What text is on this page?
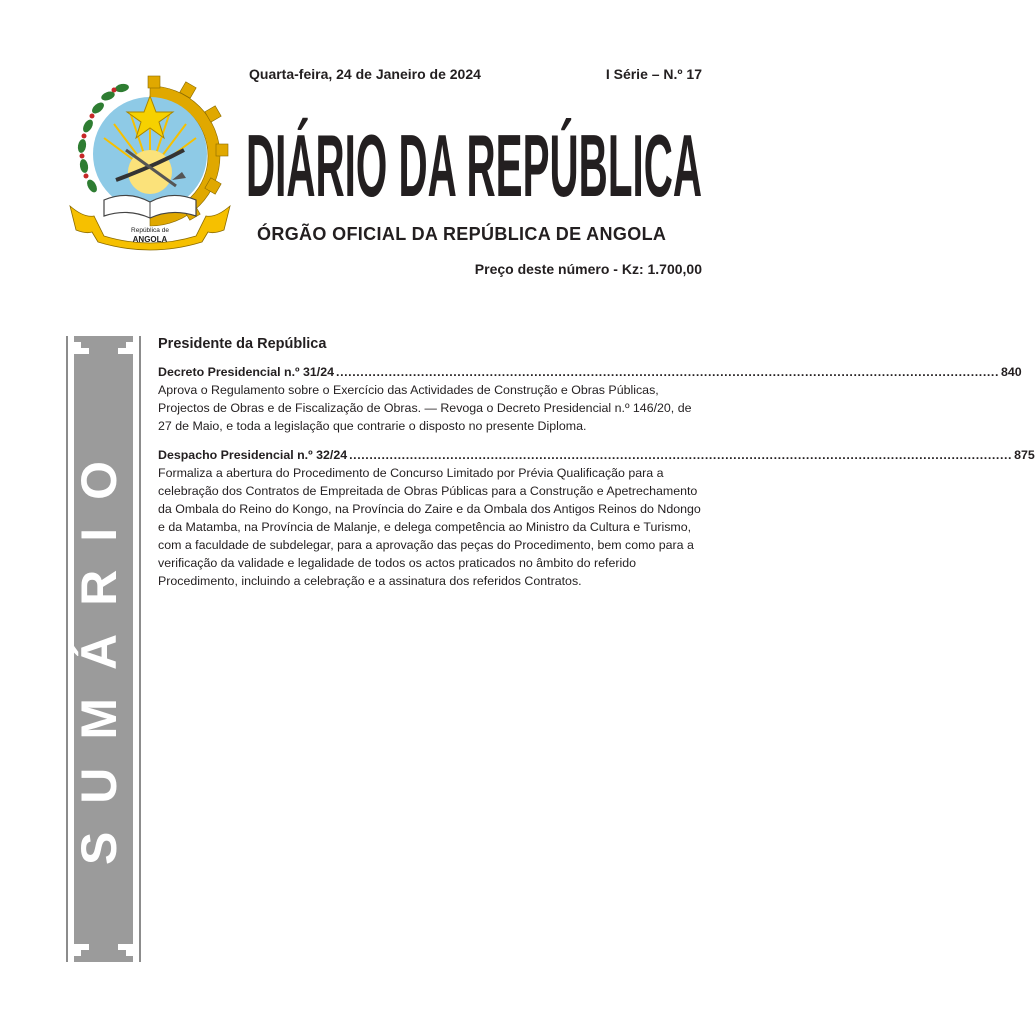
República de
ANGOLA
Quarta-feira, 24 de Janeiro de 2024	I Série – N.º 17
DIÁRIO DA REPÚBLICA
ÓRGÃO OFICIAL DA REPÚBLICA DE ANGOLA
Preço deste número - Kz: 1.700,00
SUMÁRIO
Presidente da República
Decreto Presidencial n.º 31/24 .................................................................................................................................................................... 840

Aprova o Regulamento sobre o Exercício das Actividades de Construção e Obras Públicas, Projectos de Obras e de Fiscalização de Obras. — Revoga o Decreto Presidencial n.º 146/20, de 27 de Maio, e toda a legislação que contrarie o disposto no presente Diploma.

Despacho Presidencial n.º 32/24 .................................................................................................................................................................... 875

Formaliza a abertura do Procedimento de Concurso Limitado por Prévia Qualificação para a celebração dos Contratos de Empreitada de Obras Públicas para a Construção e Apetrechamento da Ombala do Reino do Kongo, na Província do Zaire e da Ombala dos Antigos Reinos do Ndongo e da Matamba, na Província de Malanje, e delega competência ao Ministro da Cultura e Turismo, com a faculdade de subdelegar, para a aprovação das peças do Procedimento, bem como para a verificação da validade e legalidade de todos os actos praticados no âmbito do referido Procedimento, incluindo a celebração e a assinatura dos referidos Contratos.
